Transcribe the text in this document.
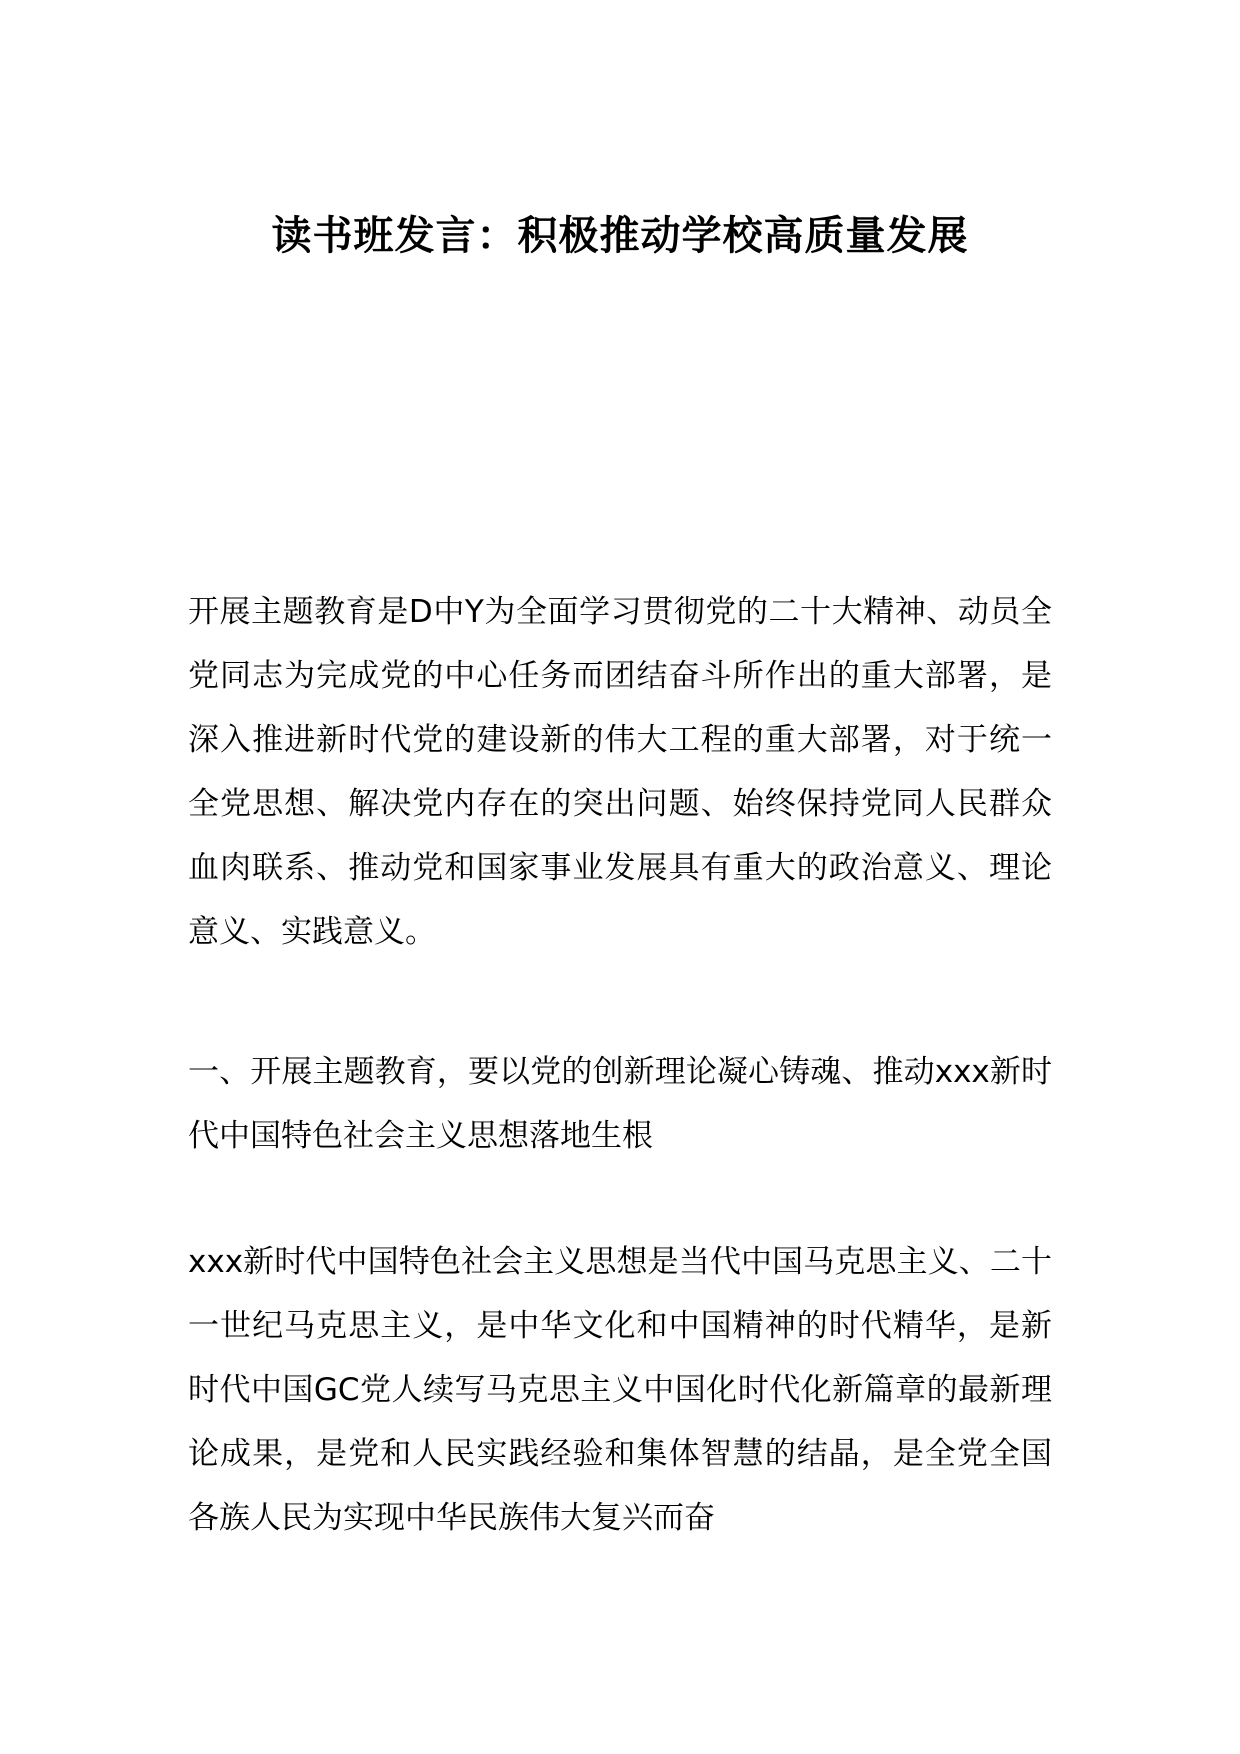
读书班发言：积极推动学校高质量发展

开展主题教育是D中Y为全面学习贯彻党的二十大精神、动员全党同志为完成党的中心任务而团结奋斗所作出的重大部署，是深入推进新时代党的建设新的伟大工程的重大部署，对于统一全党思想、解决党内存在的突出问题、始终保持党同人民群众血肉联系、推动党和国家事业发展具有重大的政治意义、理论意义、实践意义。

一、开展主题教育，要以党的创新理论凝心铸魂、推动xxx新时代中国特色社会主义思想落地生根

xxx新时代中国特色社会主义思想是当代中国马克思主义、二十一世纪马克思主义，是中华文化和中国精神的时代精华，是新时代中国GC党人续写马克思主义中国化时代化新篇章的最新理论成果，是党和人民实践经验和集体智慧的结晶，是全党全国各族人民为实现中华民族伟大复兴而奋
